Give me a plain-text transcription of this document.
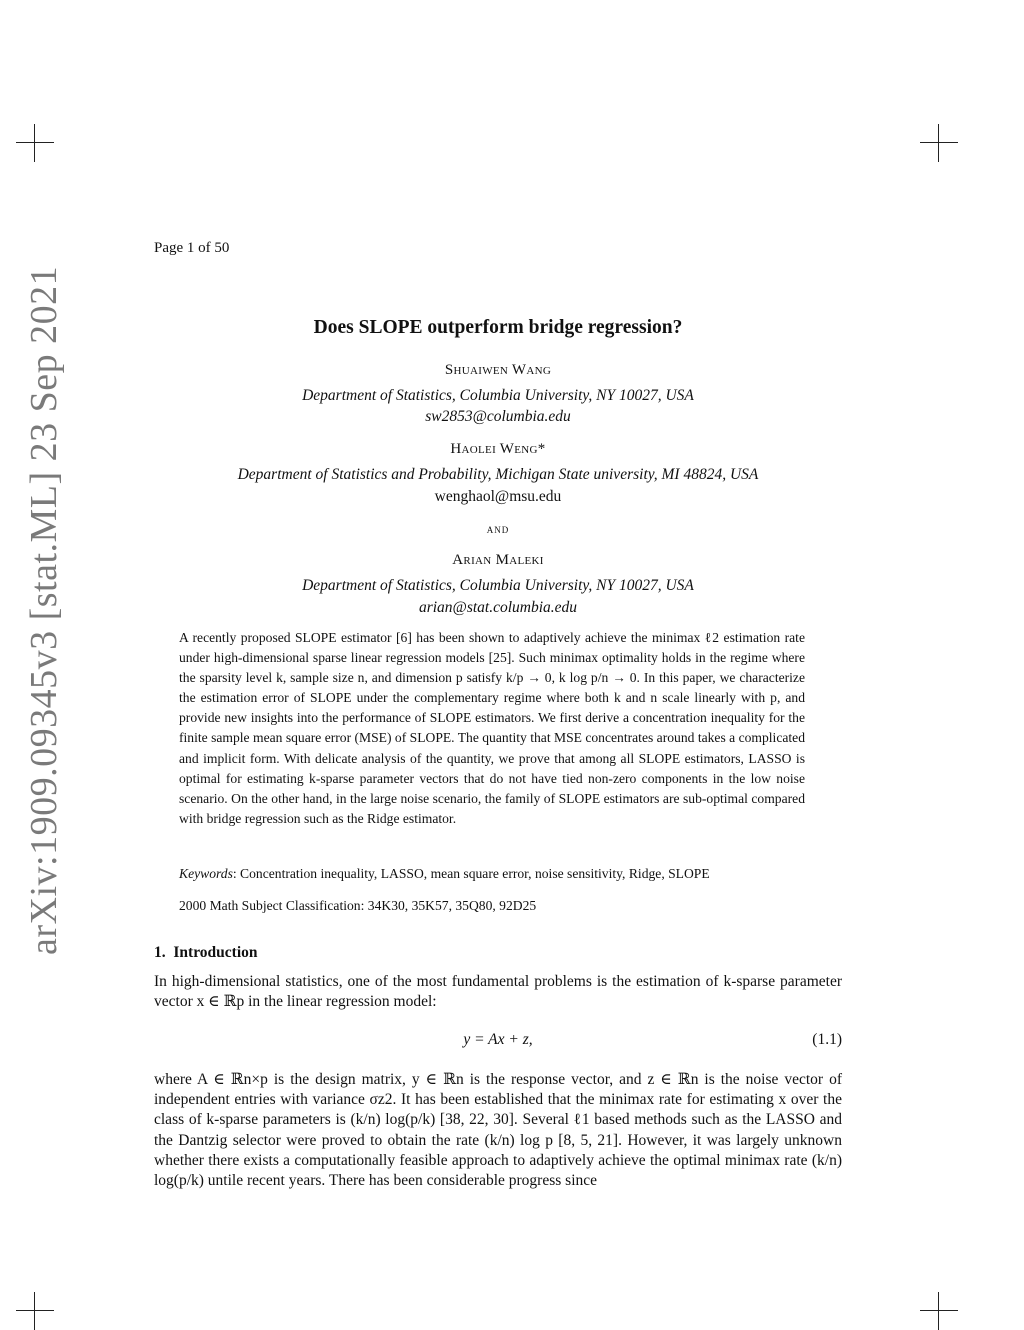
arXiv:1909.09345v3 [stat.ML] 23 Sep 2021
Page 1 of 50
Does SLOPE outperform bridge regression?
Shuaiwen Wang
Department of Statistics, Columbia University, NY 10027, USA
sw2853@columbia.edu
Haolei Weng*
Department of Statistics and Probability, Michigan State university, MI 48824, USA
wenghaol@msu.edu
and
Arian Maleki
Department of Statistics, Columbia University, NY 10027, USA
arian@stat.columbia.edu
A recently proposed SLOPE estimator [6] has been shown to adaptively achieve the minimax ℓ2 estimation rate under high-dimensional sparse linear regression models [25]. Such minimax optimality holds in the regime where the sparsity level k, sample size n, and dimension p satisfy k/p → 0, k log p/n → 0. In this paper, we characterize the estimation error of SLOPE under the complementary regime where both k and n scale linearly with p, and provide new insights into the performance of SLOPE estimators. We first derive a concentration inequality for the finite sample mean square error (MSE) of SLOPE. The quantity that MSE concentrates around takes a complicated and implicit form. With delicate analysis of the quantity, we prove that among all SLOPE estimators, LASSO is optimal for estimating k-sparse parameter vectors that do not have tied non-zero components in the low noise scenario. On the other hand, in the large noise scenario, the family of SLOPE estimators are sub-optimal compared with bridge regression such as the Ridge estimator.
Keywords: Concentration inequality, LASSO, mean square error, noise sensitivity, Ridge, SLOPE
2000 Math Subject Classification: 34K30, 35K57, 35Q80, 92D25
1. Introduction
In high-dimensional statistics, one of the most fundamental problems is the estimation of k-sparse parameter vector x ∈ ℝp in the linear regression model:
y = Ax + z,	(1.1)
where A ∈ ℝn×p is the design matrix, y ∈ ℝn is the response vector, and z ∈ ℝn is the noise vector of independent entries with variance σz2. It has been established that the minimax rate for estimating x over the class of k-sparse parameters is (k/n) log(p/k) [38, 22, 30]. Several ℓ1 based methods such as the LASSO and the Dantzig selector were proved to obtain the rate (k/n) log p [8, 5, 21]. However, it was largely unknown whether there exists a computationally feasible approach to adaptively achieve the optimal minimax rate (k/n) log(p/k) untile recent years. There has been considerable progress since
